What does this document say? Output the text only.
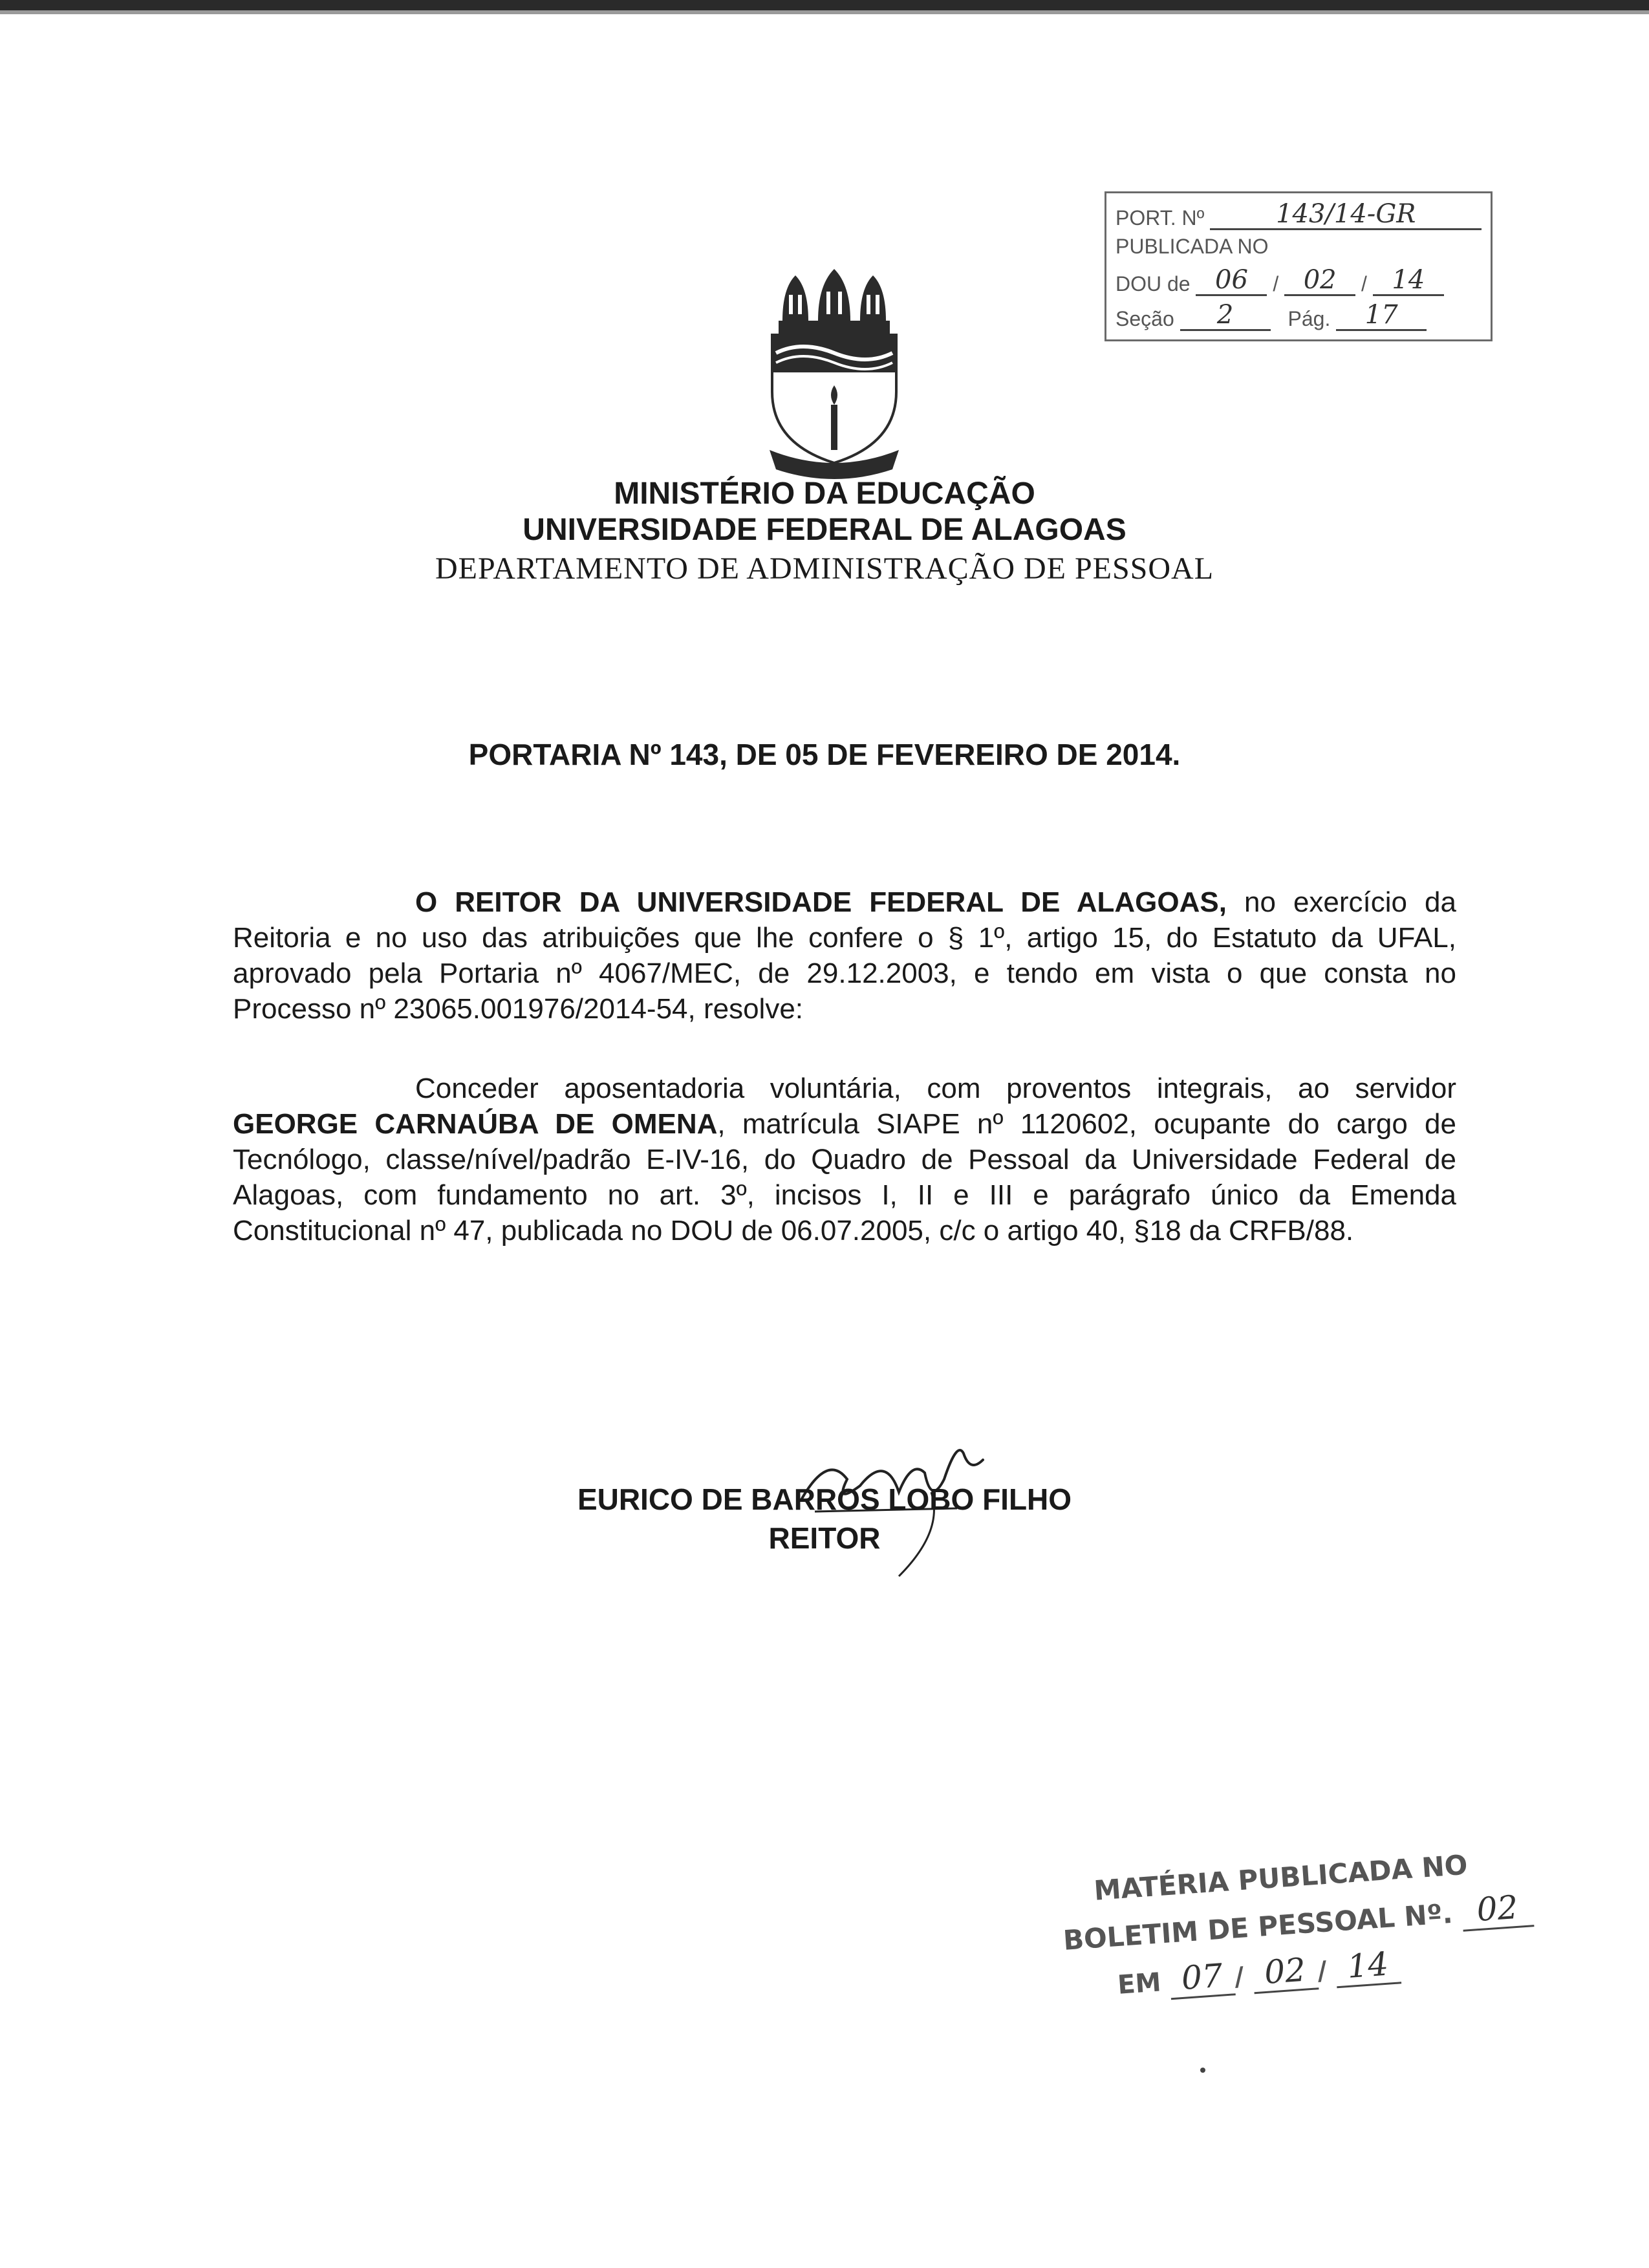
PORT. Nº	143/14-GR
PUBLICADA NO
DOU de 06 / 02 / 14
Seção 2	Pág. 17
MINISTÉRIO DA EDUCAÇÃO
UNIVERSIDADE FEDERAL DE ALAGOAS
DEPARTAMENTO DE ADMINISTRAÇÃO DE PESSOAL
PORTARIA Nº 143, DE 05 DE FEVEREIRO DE 2014.
O REITOR DA UNIVERSIDADE FEDERAL DE ALAGOAS, no exercício da Reitoria e no uso das atribuições que lhe confere o § 1º, artigo 15, do Estatuto da UFAL, aprovado pela Portaria nº 4067/MEC, de 29.12.2003, e tendo em vista o que consta no Processo nº 23065.001976/2014-54, resolve:
Conceder aposentadoria voluntária, com proventos integrais, ao servidor GEORGE CARNAÚBA DE OMENA, matrícula SIAPE nº 1120602, ocupante do cargo de Tecnólogo, classe/nível/padrão E-IV-16, do Quadro de Pessoal da Universidade Federal de Alagoas, com fundamento no art. 3º, incisos I, II e III e parágrafo único da Emenda Constitucional nº 47, publicada no DOU de 06.07.2005, c/c o artigo 40, §18 da CRFB/88.
EURICO DE BARROS LOBO FILHO
REITOR
MATÉRIA PUBLICADA NO
BOLETIM DE PESSOAL Nº. 02
EM 07 / 02 / 14
